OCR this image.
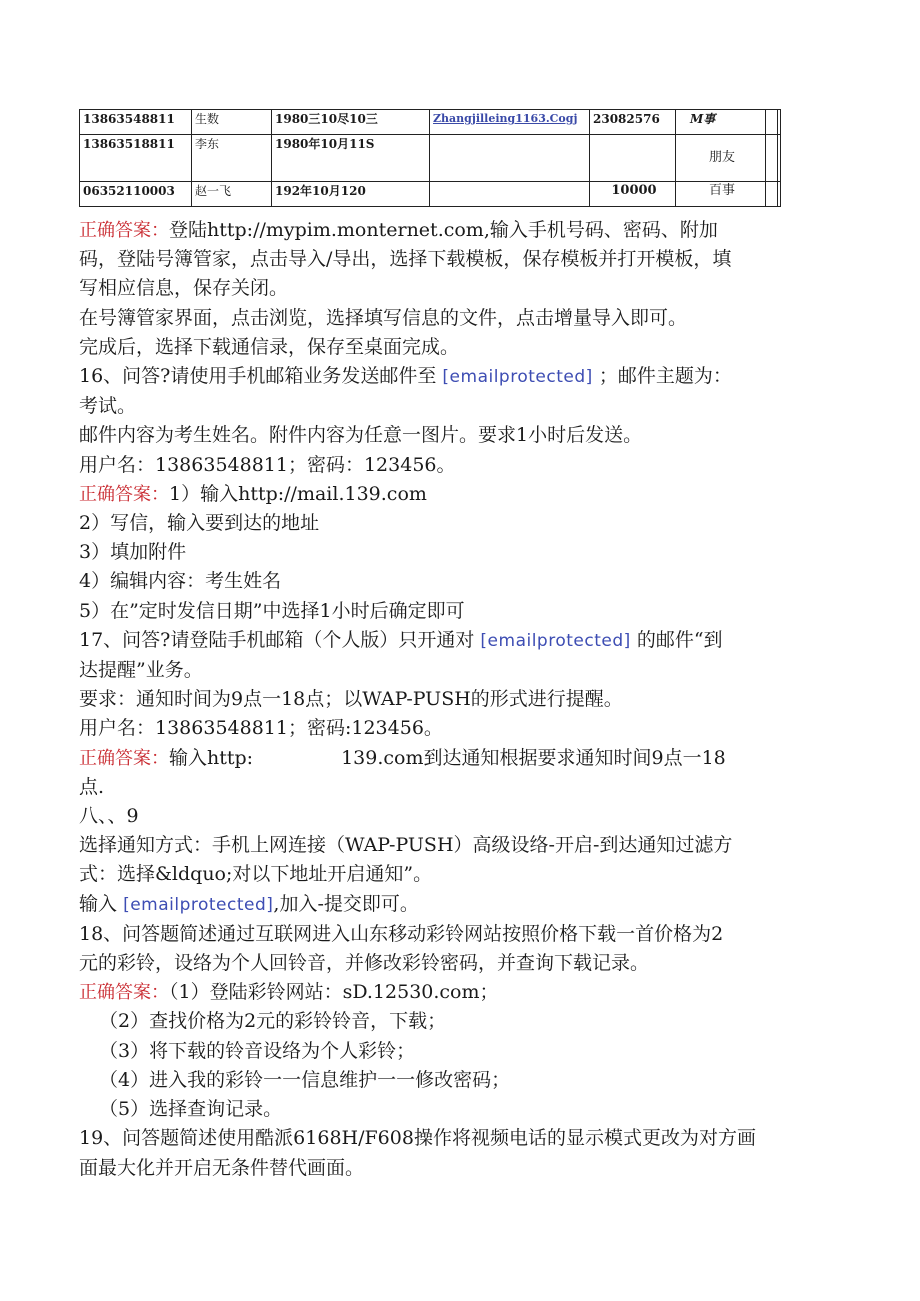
13863548811	生数	1980三10尽10三	Zhangjilleing1163.Cogj	23082576	M事		
13863518811	李东	1980年10月11S			朋友		
06352110003	赵一飞	192年10月120		10000	百事		

正确答案：登陆http://mypim.monternet.com,输入手机号码、密码、附加

码，登陆号簿管家，点击导入/导出，选择下载模板，保存模板并打开模板，填

写相应信息，保存关闭。

在号簿管家界面，点击浏览，选择填写信息的文件，点击增量导入即可。

完成后，选择下载通信录，保存至桌面完成。

16、问答?请使用手机邮箱业务发送邮件至 [emailprotected] ；邮件主题为：

考试。

邮件内容为考生姓名。附件内容为任意一图片。要求1小时后发送。

用户名：13863548811；密码：123456。

正确答案：1）输入http://mail.139.com

2）写信，输入要到达的地址

3）填加附件

4）编辑内容：考生姓名

5）在”定时发信日期”中选择1小时后确定即可

17、问答?请登陆手机邮箱（个人版）只开通对 [emailprotected] 的邮件“到

达提醒”业务。

要求：通知时间为9点一18点；以WAP-PUSH的形式进行提醒。

用户名：13863548811；密码:123456。

正确答案：输入http:	139.com到达通知根据要求通知时间9点一18

点.

八、、9

选择通知方式：手机上网连接（WAP-PUSH）高级设络-开启-到达通知过滤方

式：选择&ldquo;对以下地址开启通知”。

输入 [emailprotected],加入-提交即可。

18、问答题简述通过互联网进入山东移动彩铃网站按照价格下载一首价格为2

元的彩铃，设络为个人回铃音，并修改彩铃密码，并查询下载记录。

正确答案：（1）登陆彩铃网站：sD.12530.com；

（2）查找价格为2元的彩铃铃音，下载；

（3）将下载的铃音设络为个人彩铃；

（4）进入我的彩铃一一信息维护一一修改密码；

（5）选择查询记录。

19、问答题简述使用酷派6168H/F608操作将视频电话的显示模式更改为对方画

面最大化并开启无条件替代画面。
